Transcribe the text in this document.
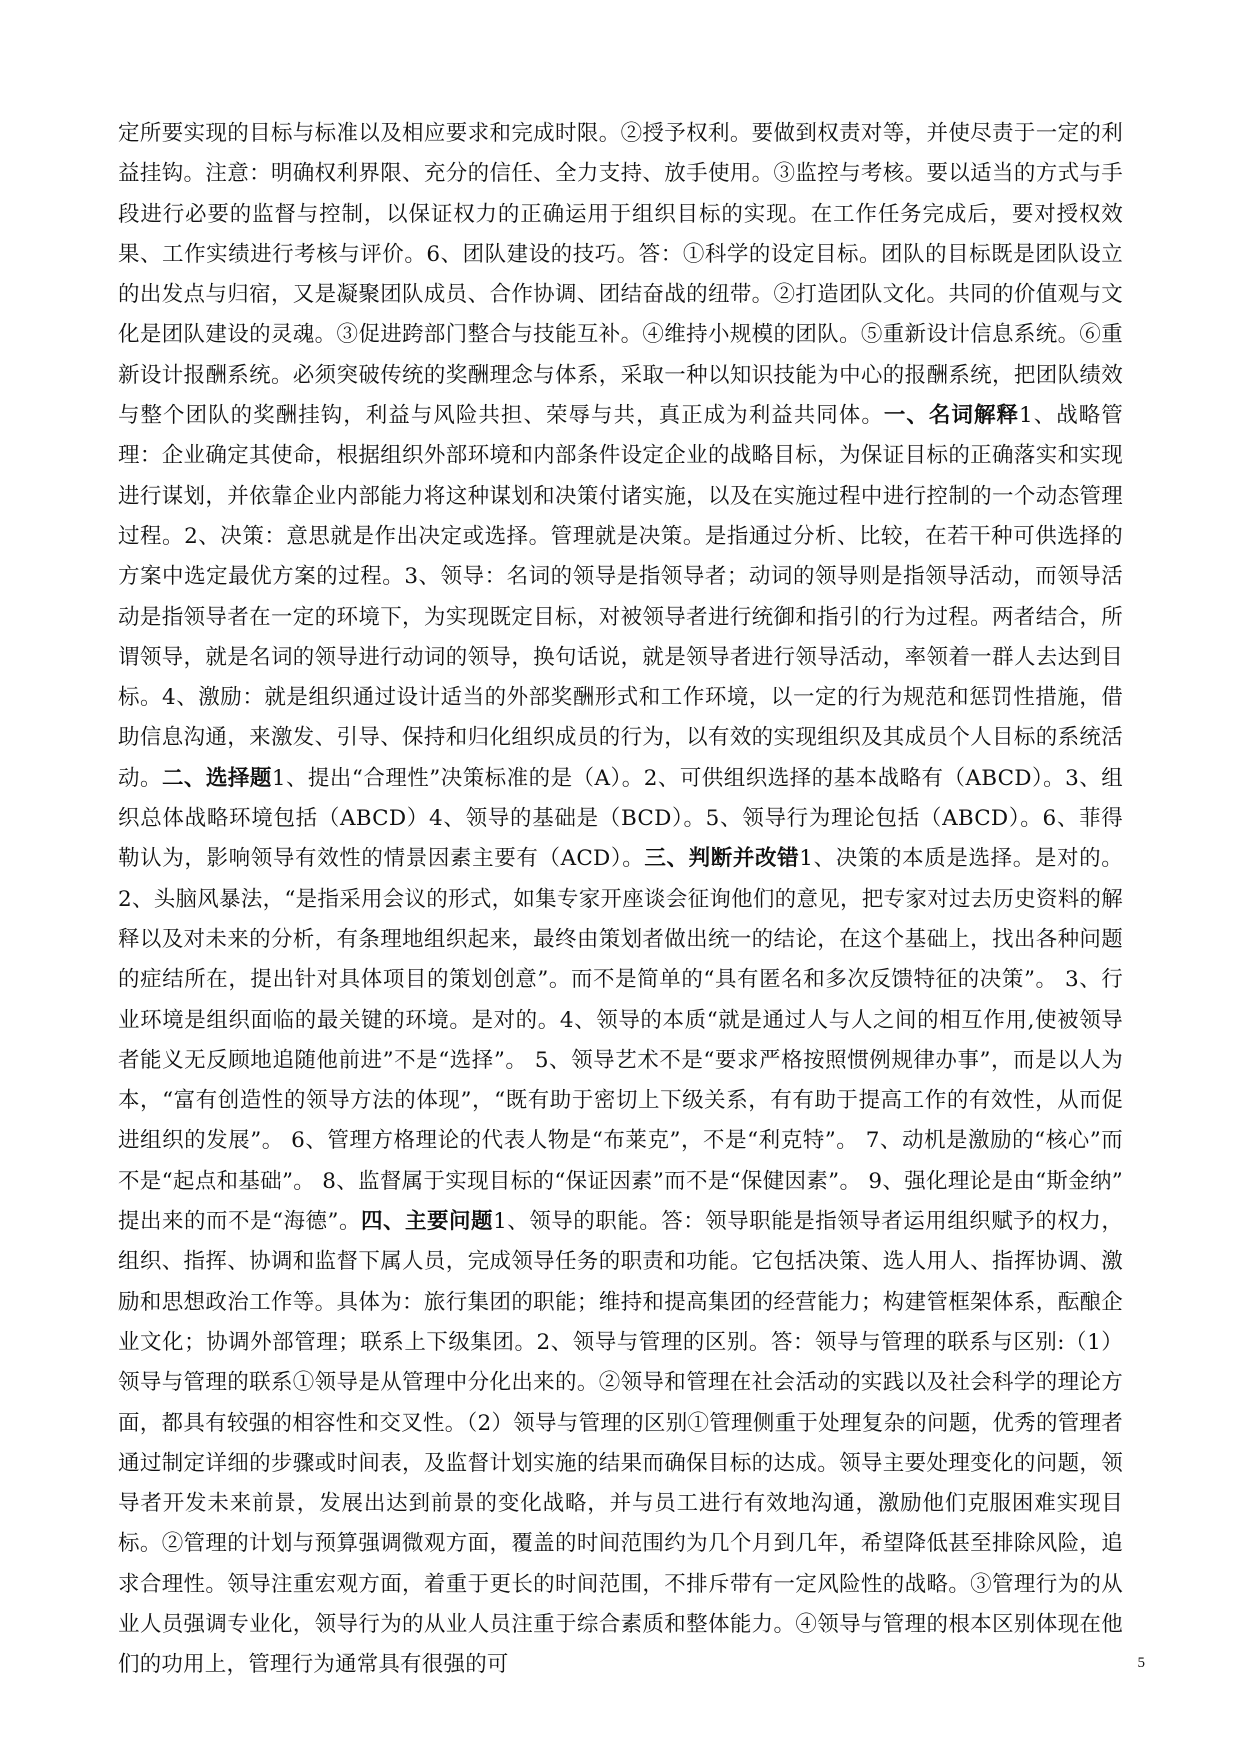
定所要实现的目标与标准以及相应要求和完成时限。②授予权利。要做到权责对等，并使尽责于一定的利益挂钩。注意：明确权利界限、充分的信任、全力支持、放手使用。③监控与考核。要以适当的方式与手段进行必要的监督与控制，以保证权力的正确运用于组织目标的实现。在工作任务完成后，要对授权效果、工作实绩进行考核与评价。6、团队建设的技巧。答：①科学的设定目标。团队的目标既是团队设立的出发点与归宿，又是凝聚团队成员、合作协调、团结奋战的纽带。②打造团队文化。共同的价值观与文化是团队建设的灵魂。③促进跨部门整合与技能互补。④维持小规模的团队。⑤重新设计信息系统。⑥重新设计报酬系统。必须突破传统的奖酬理念与体系，采取一种以知识技能为中心的报酬系统，把团队绩效与整个团队的奖酬挂钩，利益与风险共担、荣辱与共，真正成为利益共同体。一、名词解释1、战略管理：企业确定其使命，根据组织外部环境和内部条件设定企业的战略目标，为保证目标的正确落实和实现进行谋划，并依靠企业内部能力将这种谋划和决策付诸实施，以及在实施过程中进行控制的一个动态管理过程。2、决策：意思就是作出决定或选择。管理就是决策。是指通过分析、比较，在若干种可供选择的方案中选定最优方案的过程。3、领导：名词的领导是指领导者；动词的领导则是指领导活动，而领导活动是指领导者在一定的环境下，为实现既定目标，对被领导者进行统御和指引的行为过程。两者结合，所谓领导，就是名词的领导进行动词的领导，换句话说，就是领导者进行领导活动，率领着一群人去达到目标。4、激励：就是组织通过设计适当的外部奖酬形式和工作环境，以一定的行为规范和惩罚性措施，借助信息沟通，来激发、引导、保持和归化组织成员的行为，以有效的实现组织及其成员个人目标的系统活动。二、选择题1、提出“合理性”决策标准的是（A）。2、可供组织选择的基本战略有（ABCD）。3、组织总体战略环境包括（ABCD）4、领导的基础是（BCD）。5、领导行为理论包括（ABCD）。6、菲得勒认为，影响领导有效性的情景因素主要有（ACD）。三、判断并改错1、决策的本质是选择。是对的。2、头脑风暴法，“是指采用会议的形式，如集专家开座谈会征询他们的意见，把专家对过去历史资料的解释以及对未来的分析，有条理地组织起来，最终由策划者做出统一的结论，在这个基础上，找出各种问题的症结所在，提出针对具体项目的策划创意”。而不是简单的“具有匿名和多次反馈特征的决策”。 3、行业环境是组织面临的最关键的环境。是对的。4、领导的本质“就是通过人与人之间的相互作用,使被领导者能义无反顾地追随他前进”不是“选择”。 5、领导艺术不是“要求严格按照惯例规律办事”，而是以人为本，“富有创造性的领导方法的体现”，“既有助于密切上下级关系，有有助于提高工作的有效性，从而促进组织的发展”。 6、管理方格理论的代表人物是“布莱克”，不是“利克特”。 7、动机是激励的“核心”而不是“起点和基础”。 8、监督属于实现目标的“保证因素”而不是“保健因素”。 9、强化理论是由“斯金纳” 提出来的而不是“海德”。四、主要问题1、领导的职能。答：领导职能是指领导者运用组织赋予的权力，组织、指挥、协调和监督下属人员，完成领导任务的职责和功能。它包括决策、选人用人、指挥协调、激励和思想政治工作等。具体为：旅行集团的职能；维持和提高集团的经营能力；构建管框架体系，酝酿企业文化；协调外部管理；联系上下级集团。2、领导与管理的区别。答：领导与管理的联系与区别:（1）领导与管理的联系①领导是从管理中分化出来的。②领导和管理在社会活动的实践以及社会科学的理论方面，都具有较强的相容性和交叉性。（2）领导与管理的区别①管理侧重于处理复杂的问题，优秀的管理者通过制定详细的步骤或时间表，及监督计划实施的结果而确保目标的达成。领导主要处理变化的问题，领导者开发未来前景，发展出达到前景的变化战略，并与员工进行有效地沟通，激励他们克服困难实现目标。②管理的计划与预算强调微观方面，覆盖的时间范围约为几个月到几年，希望降低甚至排除风险，追求合理性。领导注重宏观方面，着重于更长的时间范围，不排斥带有一定风险性的战略。③管理行为的从业人员强调专业化，领导行为的从业人员注重于综合素质和整体能力。④领导与管理的根本区别体现在他们的功用上，管理行为通常具有很强的可	5
